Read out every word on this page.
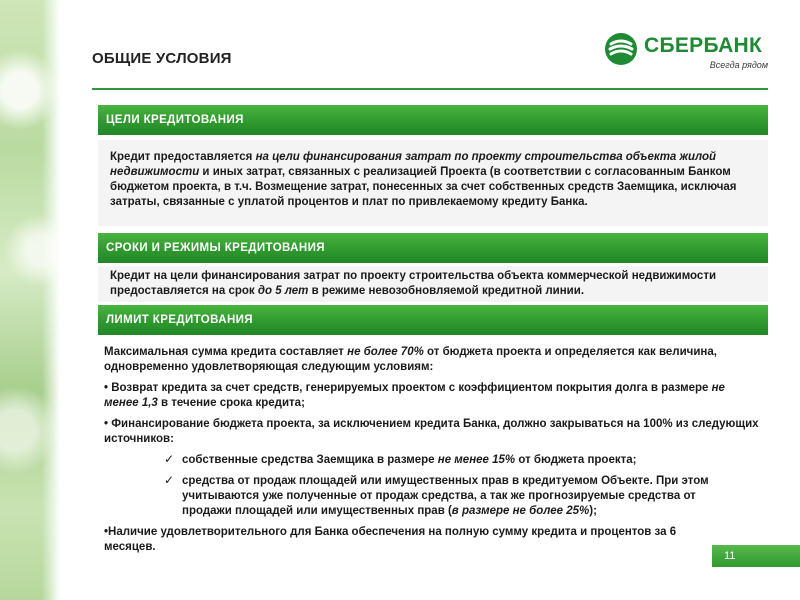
ОБЩИЕ УСЛОВИЯ
СБЕРБАНК
Всегда рядом
ЦЕЛИ КРЕДИТОВАНИЯ

Кредит предоставляется на цели финансирования затрат по проекту строительства объекта жилой недвижимости и иных затрат, связанных с реализацией Проекта (в соответствии с согласованным Банком бюджетом проекта, в т.ч. Возмещение затрат, понесенных за счет собственных средств Заемщика, исключая затраты, связанные с уплатой процентов и плат по привлекаемому кредиту Банка.

СРОКИ И РЕЖИМЫ КРЕДИТОВАНИЯ

Кредит на цели финансирования затрат по проекту строительства объекта коммерческой недвижимости предоставляется на срок до 5 лет в режиме невозобновляемой кредитной линии.

ЛИМИТ КРЕДИТОВАНИЯ

Максимальная сумма кредита составляет не более 70% от бюджета проекта и определяется как величина, одновременно удовлетворяющая следующим условиям:

• Возврат кредита за счет средств, генерируемых проектом с коэффициентом покрытия долга в размере не менее 1,3 в течение срока кредита;

• Финансирование бюджета проекта, за исключением кредита Банка, должно закрываться на 100% из следующих источников:

✓ собственные средства Заемщика в размере не менее 15% от бюджета проекта;
✓ средства от продаж площадей или имущественных прав в кредитуемом Объекте. При этом учитываются уже полученные от продаж средства, а так же прогнозируемые средства от продажи площадей или имущественных прав (в размере не более 25%);

•Наличие удовлетворительного для Банка обеспечения на полную сумму кредита и процентов за 6 месяцев.

11
